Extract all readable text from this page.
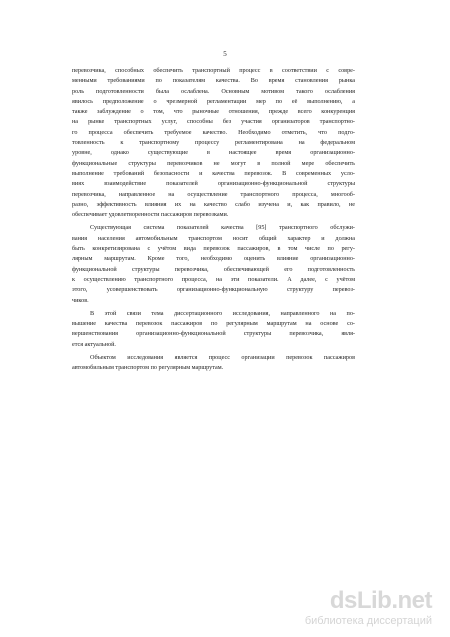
5

перевозчика, способных обеспечить транспортный процесс в соответствии с совре-
менными требованиями по показателям качества. Во время становления рынка
роль подготовленности была ослаблена. Основным мотивом такого ослабления
явилось предположение о чрезмерной регламентации мер по её выполнению, а
также заблуждение о том, что рыночные отношения, прежде всего конкуренция
на рынке транспортных услуг, способны без участия организаторов транспортно-
го процесса обеспечить требуемое качество. Необходимо отметить, что подго-
товленность к транспортному процессу регламентирована на федеральном
уровне, однако существующие в настоящее время организационно-
функциональные структуры перевозчиков не могут в полной мере обеспечить
выполнение требований безопасности и качества перевозок. В современных усло-
виях взаимодействие показателей организационно-функциональной структуры
перевозчика, направленное на осуществление транспортного процесса, многооб-
разно, эффективность влияния их на качество слабо изучена и, как правило, не
обеспечивает удовлетворенности пассажиров перевозками.

Существующая система показателей качества [95] транспортного обслужи-
вания населения автомобильным транспортом носит общий характер и должна
быть конкретизирована с учётом вида перевозок пассажиров, в том числе по регу-
лярным маршрутам. Кроме того, необходимо оценить влияние организационно-
функциональной структуры перевозчика, обеспечивающей его подготовленность
к осуществлению транспортного процесса, на эти показатели. А далее, с учётом
этого, усовершенствовать организационно-функциональную структуру перевоз-
чиков.

В этой связи тема диссертационного исследования, направленного на по-
вышение качества перевозок пассажиров по регулярным маршрутам на основе со-
вершенствования организационно-функциональной структуры перевозчика, явля-
ется актуальной.

Объектом исследования является процесс организации перевозок пассажиров
автомобильным транспортом по регулярным маршрутам.

dsLib.net
библиотека диссертаций
